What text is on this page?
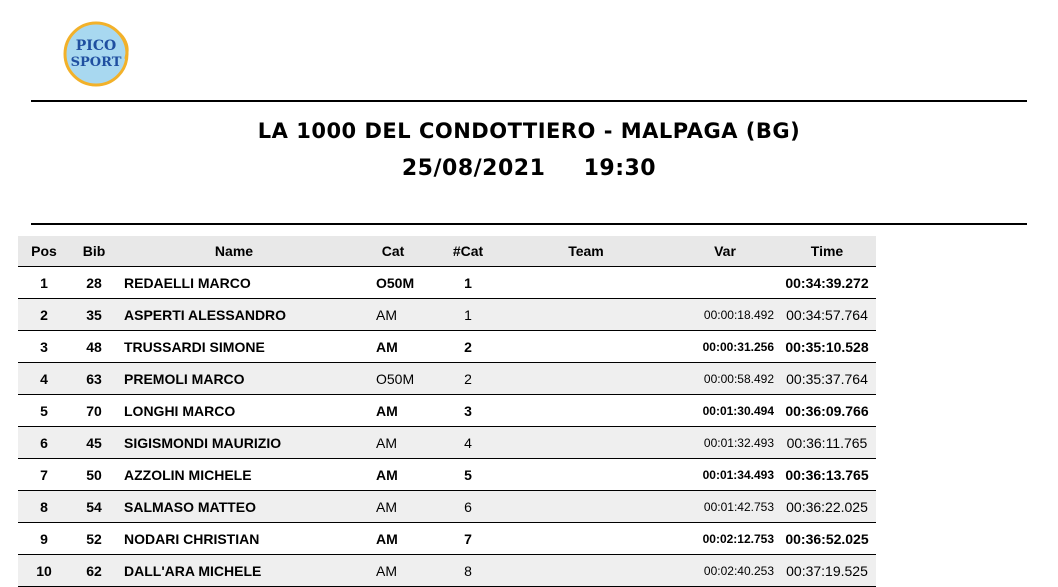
PICO
SPORT
LA 1000 DEL CONDOTTIERO - MALPAGA (BG)
25/08/2021 19:30
Pos	Bib	Name	Cat	#Cat	Team	Var	Time
1	28	REDAELLI MARCO	O50M	1			00:34:39.272
2	35	ASPERTI ALESSANDRO	AM	1		00:00:18.492	00:34:57.764
3	48	TRUSSARDI SIMONE	AM	2		00:00:31.256	00:35:10.528
4	63	PREMOLI MARCO	O50M	2		00:00:58.492	00:35:37.764
5	70	LONGHI MARCO	AM	3		00:01:30.494	00:36:09.766
6	45	SIGISMONDI MAURIZIO	AM	4		00:01:32.493	00:36:11.765
7	50	AZZOLIN MICHELE	AM	5		00:01:34.493	00:36:13.765
8	54	SALMASO MATTEO	AM	6		00:01:42.753	00:36:22.025
9	52	NODARI CHRISTIAN	AM	7		00:02:12.753	00:36:52.025
10	62	DALL'ARA MICHELE	AM	8		00:02:40.253	00:37:19.525
